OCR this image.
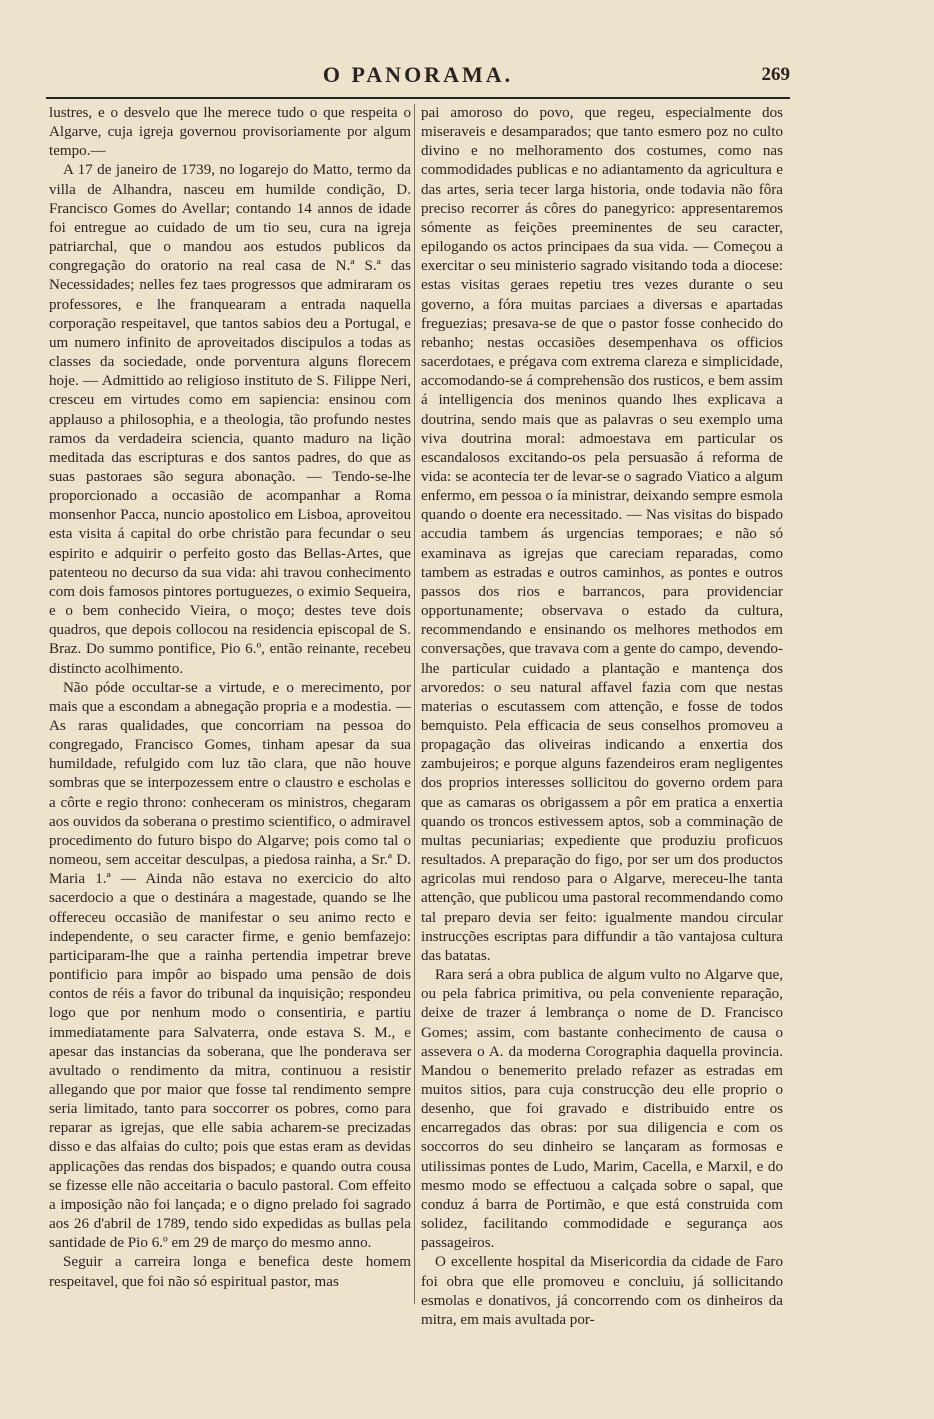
O PANORAMA.	269

lustres, e o desvelo que lhe merece tudo o que respeita o Algarve, cuja igreja governou provisoriamente por algum tempo.—

A 17 de janeiro de 1739, no logarejo do Matto, termo da villa de Alhandra, nasceu em humilde condição, D. Francisco Gomes do Avellar; contando 14 annos de idade foi entregue ao cuidado de um tio seu, cura na igreja patriarchal, que o mandou aos estudos publicos da congregação do oratorio na real casa de N.ª S.ª das Necessidades; nelles fez taes progressos que admiraram os professores, e lhe franquearam a entrada naquella corporação respeitavel, que tantos sabios deu a Portugal, e um numero infinito de aproveitados discipulos a todas as classes da sociedade, onde porventura alguns florecem hoje. — Admittido ao religioso instituto de S. Filippe Neri, cresceu em virtudes como em sapiencia: ensinou com applauso a philosophia, e a theologia, tão profundo nestes ramos da verdadeira sciencia, quanto maduro na lição meditada das escripturas e dos santos padres, do que as suas pastoraes são segura abonação. — Tendo-se-lhe proporcionado a occasião de acompanhar a Roma monsenhor Pacca, nuncio apostolico em Lisboa, aproveitou esta visita á capital do orbe christão para fecundar o seu espirito e adquirir o perfeito gosto das Bellas-Artes, que patenteou no decurso da sua vida: ahi travou conhecimento com dois famosos pintores portuguezes, o eximio Sequeira, e o bem conhecido Vieira, o moço; destes teve dois quadros, que depois collocou na residencia episcopal de S. Braz. Do summo pontifice, Pio 6.º, então reinante, recebeu distincto acolhimento.

Não póde occultar-se a virtude, e o merecimento, por mais que a escondam a abnegação propria e a modestia. — As raras qualidades, que concorriam na pessoa do congregado, Francisco Gomes, tinham apesar da sua humildade, refulgido com luz tão clara, que não houve sombras que se interpozessem entre o claustro e escholas e a côrte e regio throno: conheceram os ministros, chegaram aos ouvidos da soberana o prestimo scientifico, o admiravel procedimento do futuro bispo do Algarve; pois como tal o nomeou, sem acceitar desculpas, a piedosa rainha, a Sr.ª D. Maria 1.ª — Ainda não estava no exercicio do alto sacerdocio a que o destinára a magestade, quando se lhe offereceu occasião de manifestar o seu animo recto e independente, o seu caracter firme, e genio bemfazejo: participaram-lhe que a rainha pertendia impetrar breve pontificio para impôr ao bispado uma pensão de dois contos de réis a favor do tribunal da inquisição; respondeu logo que por nenhum modo o consentiria, e partiu immediatamente para Salvaterra, onde estava S. M., e apesar das instancias da soberana, que lhe ponderava ser avultado o rendimento da mitra, continuou a resistir allegando que por maior que fosse tal rendimento sempre seria limitado, tanto para soccorrer os pobres, como para reparar as igrejas, que elle sabia acharem-se precizadas disso e das alfaias do culto; pois que estas eram as devidas applicações das rendas dos bispados; e quando outra cousa se fizesse elle não acceitaria o baculo pastoral. Com effeito a imposição não foi lançada; e o digno prelado foi sagrado aos 26 d'abril de 1789, tendo sido expedidas as bullas pela santidade de Pio 6.º em 29 de março do mesmo anno.

Seguir a carreira longa e benefica deste homem respeitavel, que foi não só espiritual pastor, mas

pai amoroso do povo, que regeu, especialmente dos miseraveis e desamparados; que tanto esmero poz no culto divino e no melhoramento dos costumes, como nas commodidades publicas e no adiantamento da agricultura e das artes, seria tecer larga historia, onde todavia não fôra preciso recorrer ás côres do panegyrico: appresentaremos sómente as feições preeminentes de seu caracter, epilogando os actos principaes da sua vida. — Começou a exercitar o seu ministerio sagrado visitando toda a diocese: estas visitas geraes repetiu tres vezes durante o seu governo, a fóra muitas parciaes a diversas e apartadas freguezias; presava-se de que o pastor fosse conhecido do rebanho; nestas occasiões desempenhava os officios sacerdotaes, e prégava com extrema clareza e simplicidade, accomodando-se á comprehensão dos rusticos, e bem assim á intelligencia dos meninos quando lhes explicava a doutrina, sendo mais que as palavras o seu exemplo uma viva doutrina moral: admoestava em particular os escandalosos excitando-os pela persuasão á reforma de vida: se acontecia ter de levar-se o sagrado Viatico a algum enfermo, em pessoa o ía ministrar, deixando sempre esmola quando o doente era necessitado. — Nas visitas do bispado accudia tambem ás urgencias temporaes; e não só examinava as igrejas que careciam reparadas, como tambem as estradas e outros caminhos, as pontes e outros passos dos rios e barrancos, para providenciar opportunamente; observava o estado da cultura, recommendando e ensinando os melhores methodos em conversações, que travava com a gente do campo, devendo-lhe particular cuidado a plantação e mantença dos arvoredos: o seu natural affavel fazia com que nestas materias o escutassem com attenção, e fosse de todos bemquisto. Pela efficacia de seus conselhos promoveu a propagação das oliveiras indicando a enxertia dos zambujeiros; e porque alguns fazendeiros eram negligentes dos proprios interesses sollicitou do governo ordem para que as camaras os obrigassem a pôr em pratica a enxertia quando os troncos estivessem aptos, sob a comminação de multas pecuniarias; expediente que produziu proficuos resultados. A preparação do figo, por ser um dos productos agricolas mui rendoso para o Algarve, mereceu-lhe tanta attenção, que publicou uma pastoral recommendando como tal preparo devia ser feito: igualmente mandou circular instrucções escriptas para diffundir a tão vantajosa cultura das batatas.

Rara será a obra publica de algum vulto no Algarve que, ou pela fabrica primitiva, ou pela conveniente reparação, deixe de trazer á lembrança o nome de D. Francisco Gomes; assim, com bastante conhecimento de causa o assevera o A. da moderna Corographia daquella provincia. Mandou o benemerito prelado refazer as estradas em muitos sitios, para cuja construcção deu elle proprio o desenho, que foi gravado e distribuido entre os encarregados das obras: por sua diligencia e com os soccorros do seu dinheiro se lançaram as formosas e utilissimas pontes de Ludo, Marim, Cacella, e Marxil, e do mesmo modo se effectuou a calçada sobre o sapal, que conduz á barra de Portimão, e que está construida com solidez, facilitando commodidade e segurança aos passageiros.

O excellente hospital da Misericordia da cidade de Faro foi obra que elle promoveu e concluiu, já sollicitando esmolas e donativos, já concorrendo com os dinheiros da mitra, em mais avultada por-
